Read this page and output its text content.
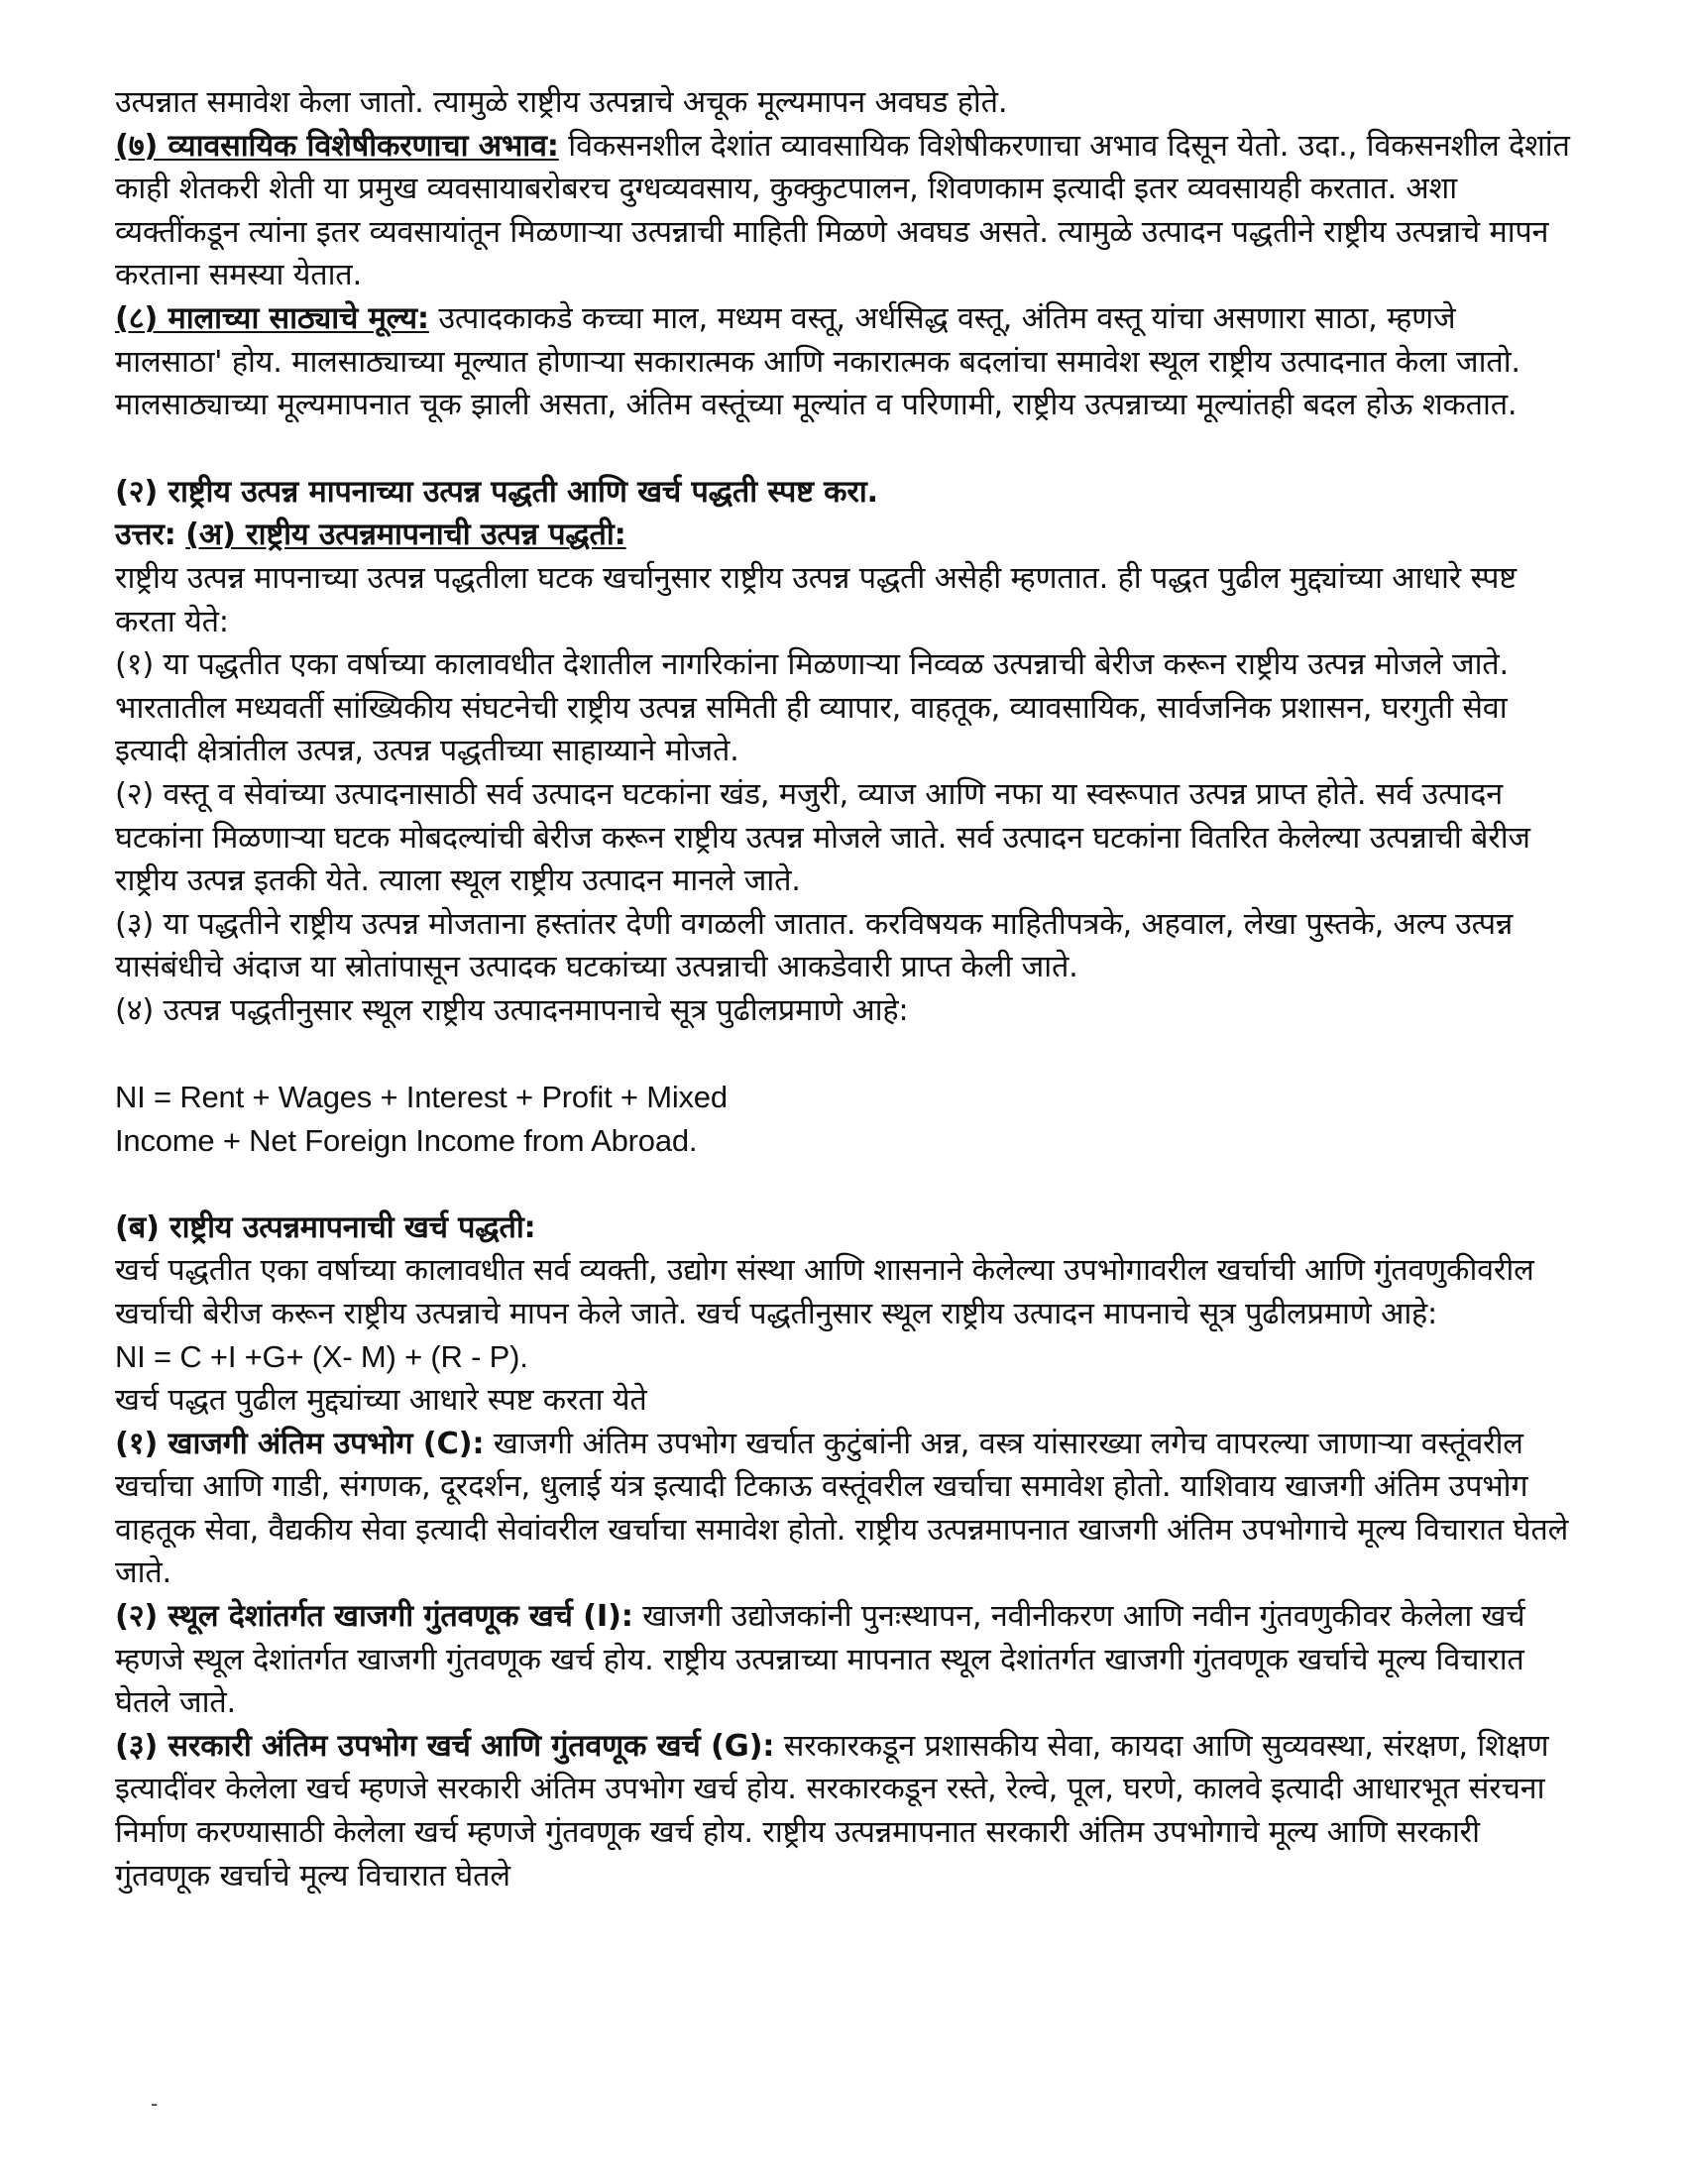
उत्पन्नात समावेश केला जातो. त्यामुळे राष्ट्रीय उत्पन्नाचे अचूक मूल्यमापन अवघड होते.

(७) व्यावसायिक विशेषीकरणाचा अभाव: विकसनशील देशांत व्यावसायिक विशेषीकरणाचा अभाव दिसून येतो. उदा., विकसनशील देशांत काही शेतकरी शेती या प्रमुख व्यवसायाबरोबरच दुग्धव्यवसाय, कुक्कुटपालन, शिवणकाम इत्यादी इतर व्यवसायही करतात. अशा व्यक्तींकडून त्यांना इतर व्यवसायांतून मिळणाऱ्या उत्पन्नाची माहिती मिळणे अवघड असते. त्यामुळे उत्पादन पद्धतीने राष्ट्रीय उत्पन्नाचे मापन करताना समस्या येतात.

(८) मालाच्या साठ्याचे मूल्य: उत्पादकाकडे कच्चा माल, मध्यम वस्तू, अर्धसिद्ध वस्तू, अंतिम वस्तू यांचा असणारा साठा, म्हणजे मालसाठा' होय. मालसाठ्याच्या मूल्यात होणाऱ्या सकारात्मक आणि नकारात्मक बदलांचा समावेश स्थूल राष्ट्रीय उत्पादनात केला जातो. मालसाठ्याच्या मूल्यमापनात चूक झाली असता, अंतिम वस्तूंच्या मूल्यांत व परिणामी, राष्ट्रीय उत्पन्नाच्या मूल्यांतही बदल होऊ शकतात.

(२) राष्ट्रीय उत्पन्न मापनाच्या उत्पन्न पद्धती आणि खर्च पद्धती स्पष्ट करा.

उत्तर: (अ) राष्ट्रीय उत्पन्नमापनाची उत्पन्न पद्धती:

राष्ट्रीय उत्पन्न मापनाच्या उत्पन्न पद्धतीला घटक खर्चानुसार राष्ट्रीय उत्पन्न पद्धती असेही म्हणतात. ही पद्धत पुढील मुद्द्यांच्या आधारे स्पष्ट करता येते:

(१) या पद्धतीत एका वर्षाच्या कालावधीत देशातील नागरिकांना मिळणाऱ्या निव्वळ उत्पन्नाची बेरीज करून राष्ट्रीय उत्पन्न मोजले जाते. भारतातील मध्यवर्ती सांख्यिकीय संघटनेची राष्ट्रीय उत्पन्न समिती ही व्यापार, वाहतूक, व्यावसायिक, सार्वजनिक प्रशासन, घरगुती सेवा इत्यादी क्षेत्रांतील उत्पन्न, उत्पन्न पद्धतीच्या साहाय्याने मोजते.

(२) वस्तू व सेवांच्या उत्पादनासाठी सर्व उत्पादन घटकांना खंड, मजुरी, व्याज आणि नफा या स्वरूपात उत्पन्न प्राप्त होते. सर्व उत्पादन घटकांना मिळणाऱ्या घटक मोबदल्यांची बेरीज करून राष्ट्रीय उत्पन्न मोजले जाते. सर्व उत्पादन घटकांना वितरित केलेल्या उत्पन्नाची बेरीज राष्ट्रीय उत्पन्न इतकी येते. त्याला स्थूल राष्ट्रीय उत्पादन मानले जाते.

(३) या पद्धतीने राष्ट्रीय उत्पन्न मोजताना हस्तांतर देणी वगळली जातात. करविषयक माहितीपत्रके, अहवाल, लेखा पुस्तके, अल्प उत्पन्न यासंबंधीचे अंदाज या स्रोतांपासून उत्पादक घटकांच्या उत्पन्नाची आकडेवारी प्राप्त केली जाते.

(४) उत्पन्न पद्धतीनुसार स्थूल राष्ट्रीय उत्पादनमापनाचे सूत्र पुढीलप्रमाणे आहे:

NI = Rent + Wages + Interest + Profit + Mixed

Income + Net Foreign Income from Abroad.

(ब) राष्ट्रीय उत्पन्नमापनाची खर्च पद्धती:

खर्च पद्धतीत एका वर्षाच्या कालावधीत सर्व व्यक्ती, उद्योग संस्था आणि शासनाने केलेल्या उपभोगावरील खर्चाची आणि गुंतवणुकीवरील खर्चाची बेरीज करून राष्ट्रीय उत्पन्नाचे मापन केले जाते. खर्च पद्धतीनुसार स्थूल राष्ट्रीय उत्पादन मापनाचे सूत्र पुढीलप्रमाणे आहे:

NI = C +I +G+ (X- M) + (R - P).

खर्च पद्धत पुढील मुद्द्यांच्या आधारे स्पष्ट करता येते

(१) खाजगी अंतिम उपभोग (C): खाजगी अंतिम उपभोग खर्चात कुटुंबांनी अन्न, वस्त्र यांसारख्या लगेच वापरल्या जाणाऱ्या वस्तूंवरील खर्चाचा आणि गाडी, संगणक, दूरदर्शन, धुलाई यंत्र इत्यादी टिकाऊ वस्तूंवरील खर्चाचा समावेश होतो. याशिवाय खाजगी अंतिम उपभोग वाहतूक सेवा, वैद्यकीय सेवा इत्यादी सेवांवरील खर्चाचा समावेश होतो. राष्ट्रीय उत्पन्नमापनात खाजगी अंतिम उपभोगाचे मूल्य विचारात घेतले जाते.

(२) स्थूल देशांतर्गत खाजगी गुंतवणूक खर्च (I): खाजगी उद्योजकांनी पुनःस्थापन, नवीनीकरण आणि नवीन गुंतवणुकीवर केलेला खर्च म्हणजे स्थूल देशांतर्गत खाजगी गुंतवणूक खर्च होय. राष्ट्रीय उत्पन्नाच्या मापनात स्थूल देशांतर्गत खाजगी गुंतवणूक खर्चाचे मूल्य विचारात घेतले जाते.

(३) सरकारी अंतिम उपभोग खर्च आणि गुंतवणूक खर्च (G): सरकारकडून प्रशासकीय सेवा, कायदा आणि सुव्यवस्था, संरक्षण, शिक्षण इत्यादींवर केलेला खर्च म्हणजे सरकारी अंतिम उपभोग खर्च होय. सरकारकडून रस्ते, रेल्वे, पूल, घरणे, कालवे इत्यादी आधारभूत संरचना निर्माण करण्यासाठी केलेला खर्च म्हणजे गुंतवणूक खर्च होय. राष्ट्रीय उत्पन्नमापनात सरकारी अंतिम उपभोगाचे मूल्य आणि सरकारी गुंतवणूक खर्चाचे मूल्य विचारात घेतले

-
